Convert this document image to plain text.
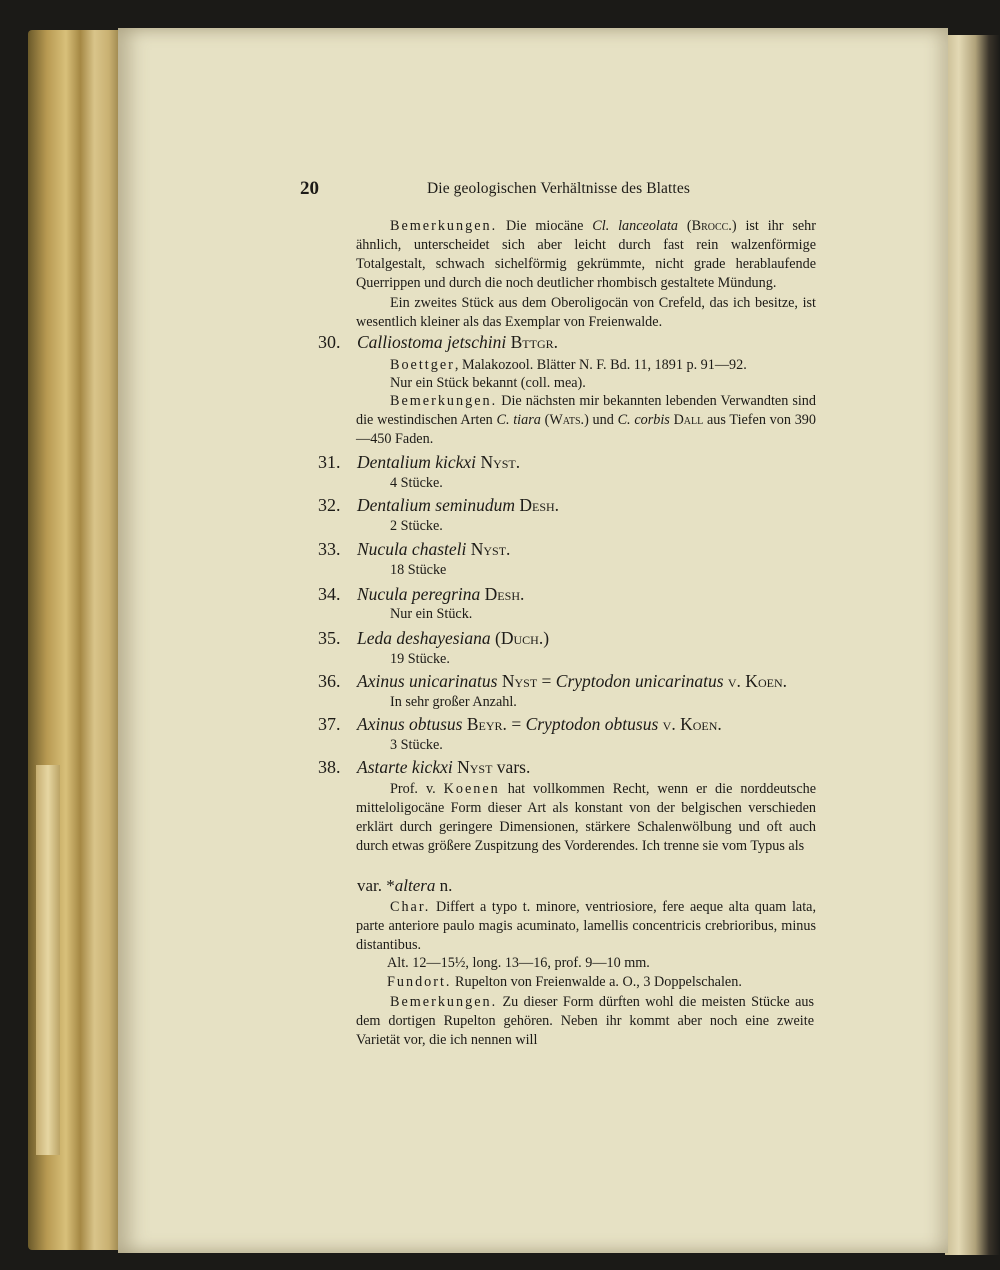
20	Die geologischen Verhältnisse des Blattes
Bemerkungen. Die miocäne Cl. lanceolata (Brocc.) ist ihr sehr ähnlich, unterscheidet sich aber leicht durch fast rein walzenförmige Totalgestalt, schwach sichelförmig gekrümmte, nicht grade herablaufende Querrippen und durch die noch deutlicher rhombisch gestaltete Mündung.
Ein zweites Stück aus dem Oberoligocän von Crefeld, das ich besitze, ist wesentlich kleiner als das Exemplar von Freienwalde.
30. Calliostoma jetschini Bttgr.
Boettger, Malakozool. Blätter N. F. Bd. 11, 1891 p. 91—92.
Nur ein Stück bekannt (coll. mea).
Bemerkungen. Die nächsten mir bekannten lebenden Verwandten sind die westindischen Arten C. tiara (Wats.) und C. corbis Dall aus Tiefen von 390—450 Faden.
31. Dentalium kickxi Nyst.
4 Stücke.
32. Dentalium seminudum Desh.
2 Stücke.
33. Nucula chasteli Nyst.
18 Stücke
34. Nucula peregrina Desh.
Nur ein Stück.
35. Leda deshayesiana (Duch.)
19 Stücke.
36. Axinus unicarinatus Nyst = Cryptodon unicarinatus v. Koen.
In sehr großer Anzahl.
37. Axinus obtusus Beyr. = Cryptodon obtusus v. Koen.
3 Stücke.
38. Astarte kickxi Nyst vars.
Prof. v. Koenen hat vollkommen Recht, wenn er die norddeutsche mitteloligocäne Form dieser Art als konstant von der belgischen verschieden erklärt durch geringere Dimensionen, stärkere Schalenwölbung und oft auch durch etwas größere Zuspitzung des Vorderendes. Ich trenne sie vom Typus als
var. *altera n.
Char. Differt a typo t. minore, ventriosiore, fere aeque alta quam lata, parte anteriore paulo magis acuminato, lamellis concentricis crebrioribus, minus distantibus.
Alt. 12—15½, long. 13—16, prof. 9—10 mm.
Fundort. Rupelton von Freienwalde a. O., 3 Doppelschalen.
Bemerkungen. Zu dieser Form dürften wohl die meisten Stücke aus dem dortigen Rupelton gehören. Neben ihr kommt aber noch eine zweite Varietät vor, die ich nennen will
